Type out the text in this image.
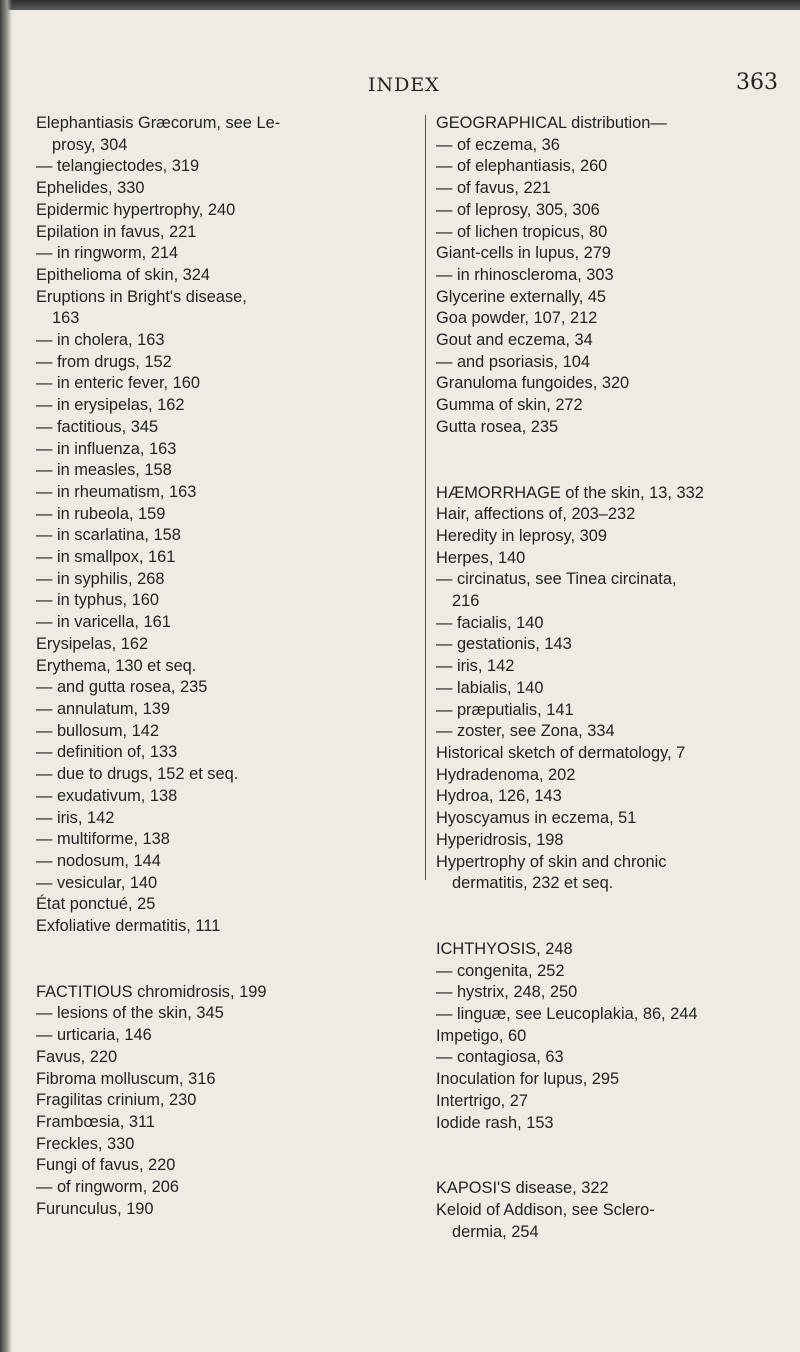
INDEX	363
Elephantiasis Græcorum, see Le-
prosy, 304
— telangiectodes, 319
Ephelides, 330
Epidermic hypertrophy, 240
Epilation in favus, 221
— in ringworm, 214
Epithelioma of skin, 324
Eruptions in Bright's disease,
163
— in cholera, 163
— from drugs, 152
— in enteric fever, 160
— in erysipelas, 162
— factitious, 345
— in influenza, 163
— in measles, 158
— in rheumatism, 163
— in rubeola, 159
— in scarlatina, 158
— in smallpox, 161
— in syphilis, 268
— in typhus, 160
— in varicella, 161
Erysipelas, 162
Erythema, 130 et seq.
— and gutta rosea, 235
— annulatum, 139
— bullosum, 142
— definition of, 133
— due to drugs, 152 et seq.
— exudativum, 138
— iris, 142
— multiforme, 138
— nodosum, 144
— vesicular, 140
État ponctué, 25
Exfoliative dermatitis, 111
FACTITIOUS chromidrosis, 199
— lesions of the skin, 345
— urticaria, 146
Favus, 220
Fibroma molluscum, 316
Fragilitas crinium, 230
Frambœsia, 311
Freckles, 330
Fungi of favus, 220
— of ringworm, 206
Furunculus, 190
GEOGRAPHICAL distribution—
— of eczema, 36
— of elephantiasis, 260
— of favus, 221
— of leprosy, 305, 306
— of lichen tropicus, 80
Giant-cells in lupus, 279
— in rhinoscleroma, 303
Glycerine externally, 45
Goa powder, 107, 212
Gout and eczema, 34
— and psoriasis, 104
Granuloma fungoides, 320
Gumma of skin, 272
Gutta rosea, 235
HÆMORRHAGE of the skin, 13, 332
Hair, affections of, 203–232
Heredity in leprosy, 309
Herpes, 140
— circinatus, see Tinea circinata,
216
— facialis, 140
— gestationis, 143
— iris, 142
— labialis, 140
— præputialis, 141
— zoster, see Zona, 334
Historical sketch of dermatology, 7
Hydradenoma, 202
Hydroa, 126, 143
Hyoscyamus in eczema, 51
Hyperidrosis, 198
Hypertrophy of skin and chronic
dermatitis, 232 et seq.
ICHTHYOSIS, 248
— congenita, 252
— hystrix, 248, 250
— linguæ, see Leucoplakia, 86, 244
Impetigo, 60
— contagiosa, 63
Inoculation for lupus, 295
Intertrigo, 27
Iodide rash, 153
KAPOSI'S disease, 322
Keloid of Addison, see Sclero-
dermia, 254
